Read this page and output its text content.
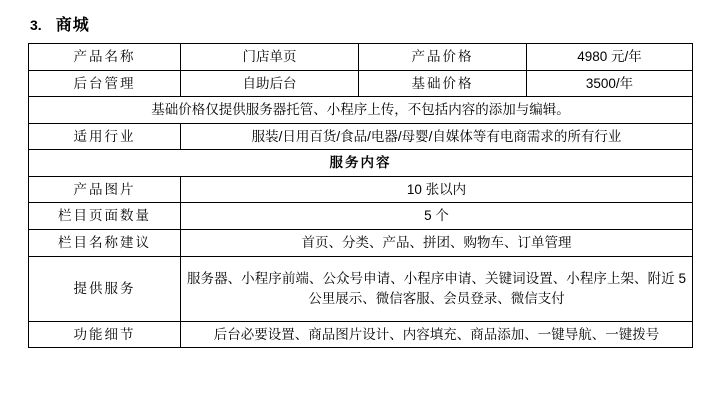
3. 商城
产品名称	门店单页	产品价格	4980 元/年
后台管理	自助后台	基础价格	3500/年
基础价格仅提供服务器托管、小程序上传，不包括内容的添加与编辑。			
适用行业	服装/日用百货/食品/电器/母婴/自媒体等有电商需求的所有行业		
服务内容			
产品图片	10 张以内		
栏目页面数量	5 个		
栏目名称建议	首页、分类、产品、拼团、购物车、订单管理		
提供服务	服务器、小程序前端、公众号申请、小程序申请、关键词设置、小程序上架、附近 5 公里展示、微信客服、会员登录、微信支付		
功能细节	后台必要设置、商品图片设计、内容填充、商品添加、一键导航、一键拨号		
